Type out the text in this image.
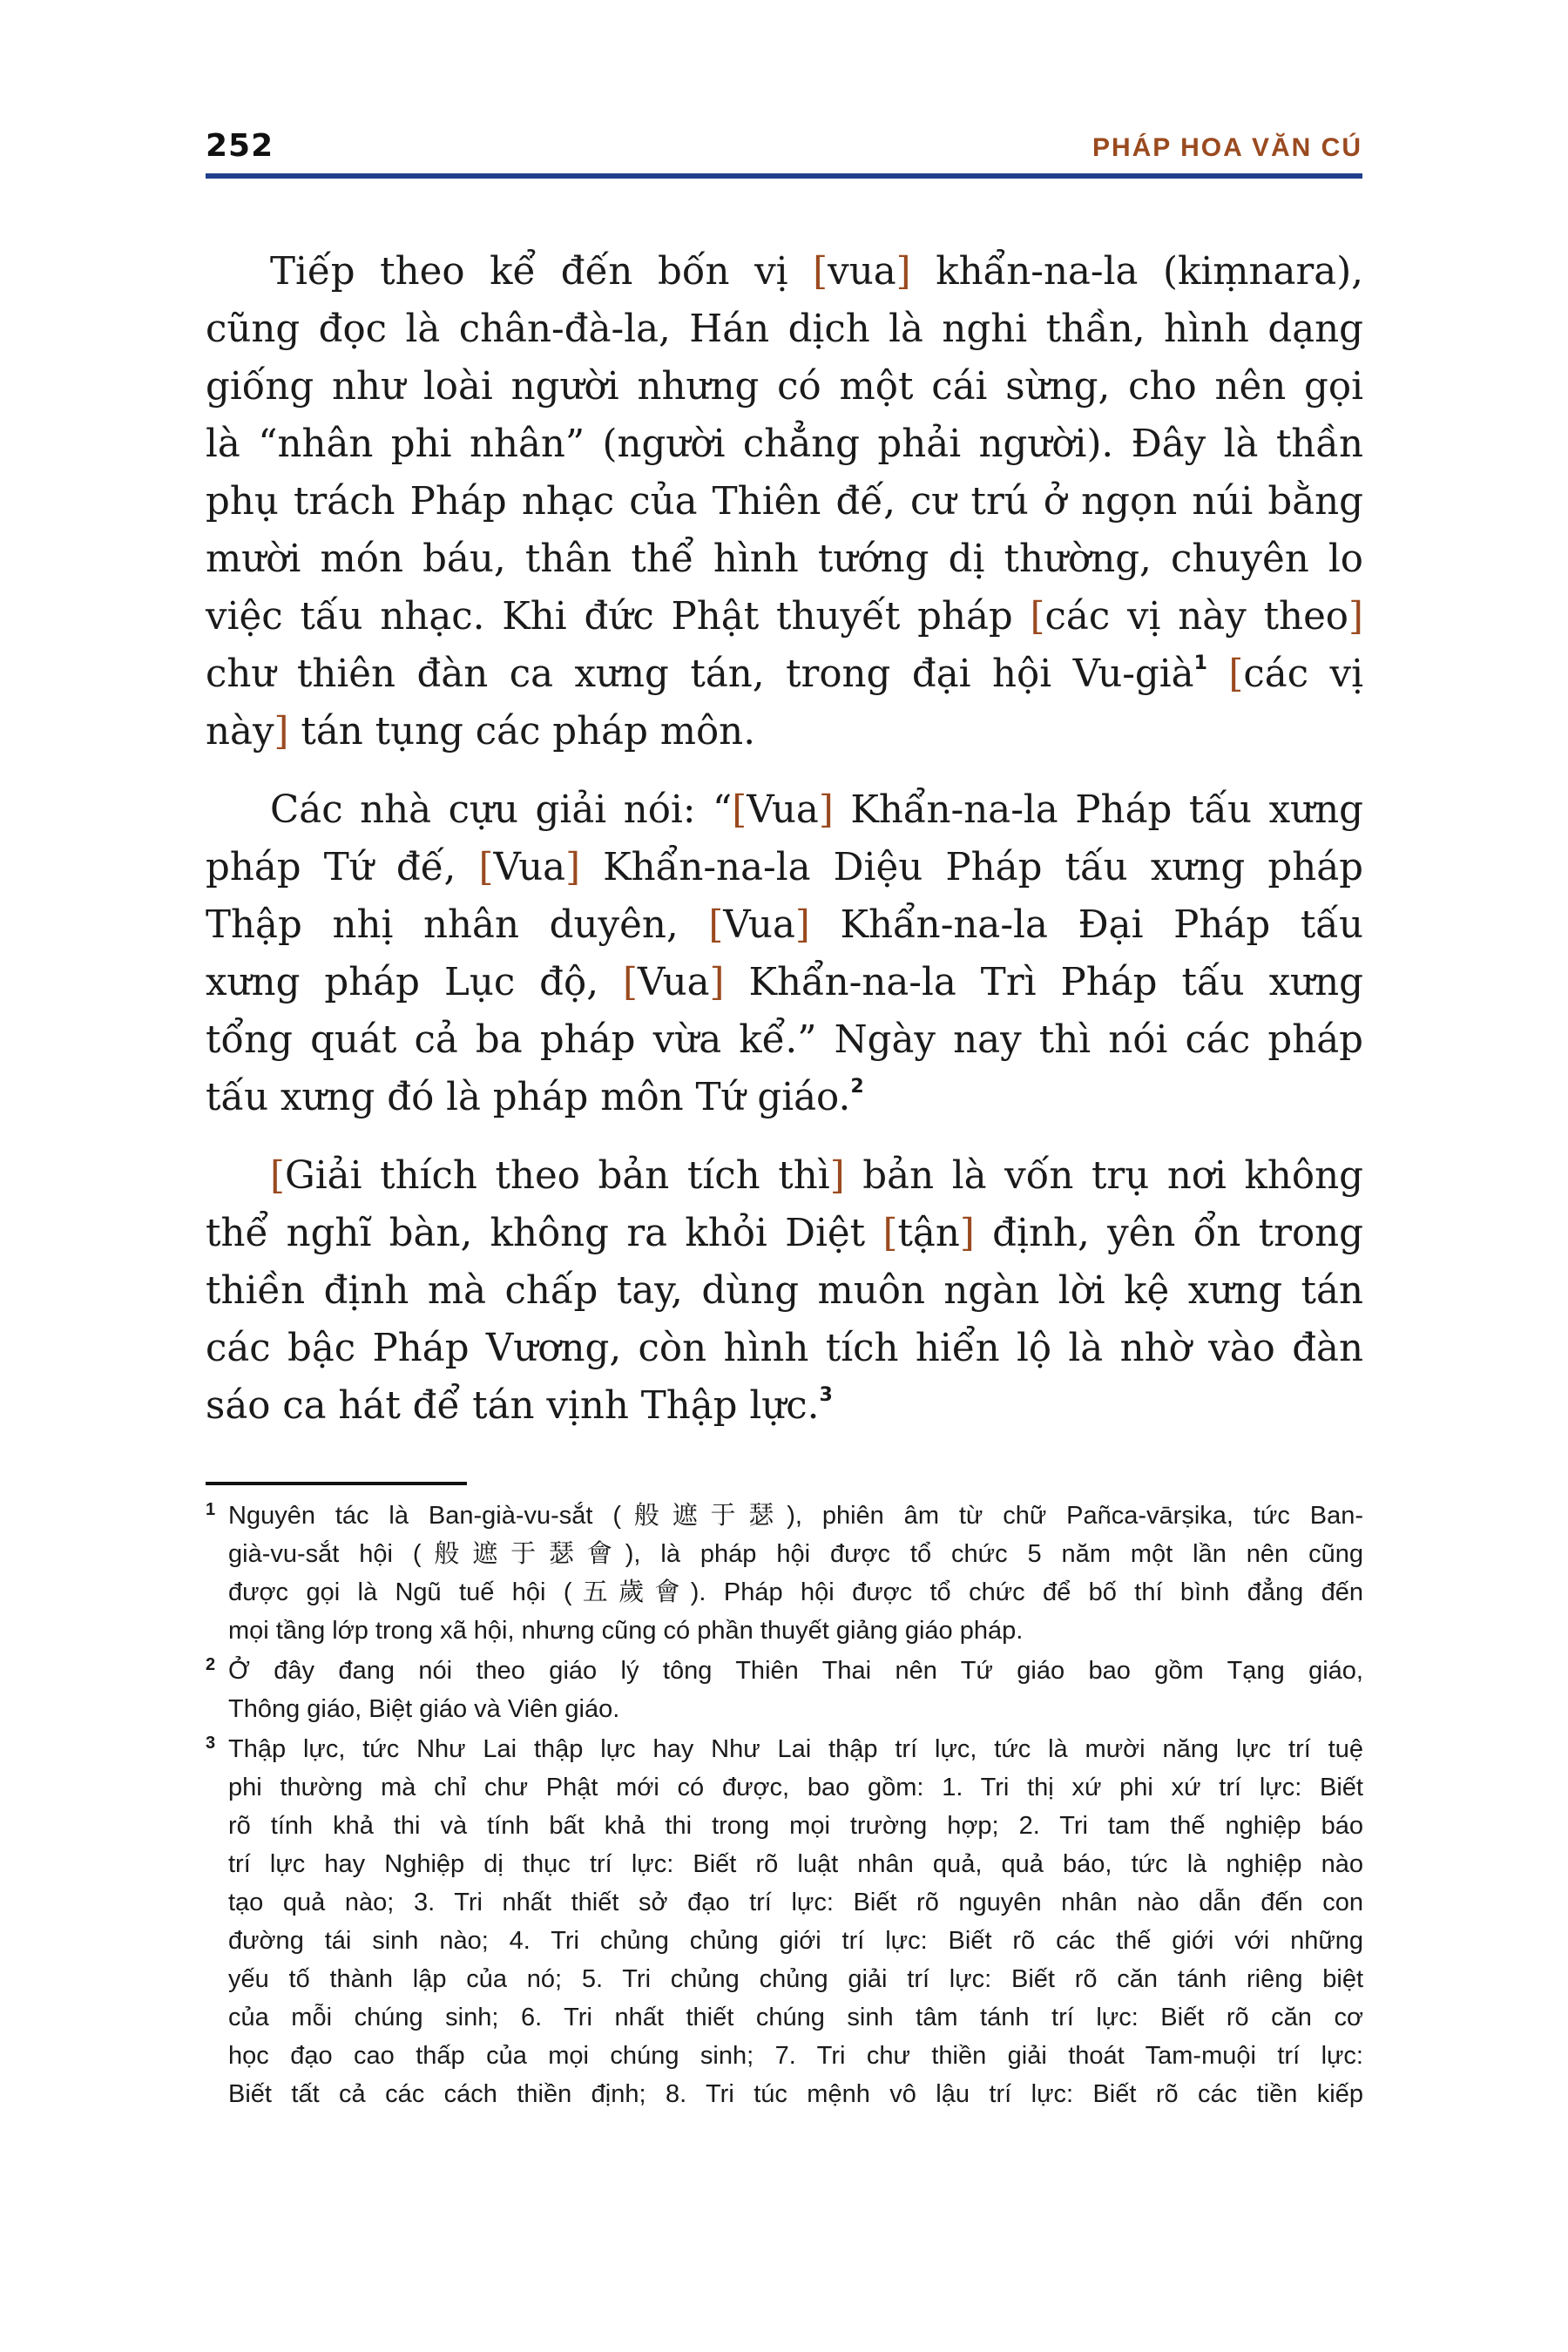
252	PHÁP HOA VĂN CÚ
Tiếp theo kể đến bốn vị [vua] khẩn-na-la (kiṃnara),
cũng đọc là chân-đà-la, Hán dịch là nghi thần, hình dạng
giống như loài người nhưng có một cái sừng, cho nên gọi
là “nhân phi nhân” (người chẳng phải người). Đây là thần
phụ trách Pháp nhạc của Thiên đế, cư trú ở ngọn núi bằng
mười món báu, thân thể hình tướng dị thường, chuyên lo
việc tấu nhạc. Khi đức Phật thuyết pháp [các vị này theo]
chư thiên đàn ca xưng tán, trong đại hội Vu-già$^1$ [các vị
này] tán tụng các pháp môn.
Các nhà cựu giải nói: “[Vua] Khẩn-na-la Pháp tấu xưng
pháp Tứ đế, [Vua] Khẩn-na-la Diệu Pháp tấu xưng pháp
Thập nhị nhân duyên, [Vua] Khẩn-na-la Đại Pháp tấu
xưng pháp Lục độ, [Vua] Khẩn-na-la Trì Pháp tấu xưng
tổng quát cả ba pháp vừa kể.” Ngày nay thì nói các pháp
tấu xưng đó là pháp môn Tứ giáo.$^2$
[Giải thích theo bản tích thì] bản là vốn trụ nơi không
thể nghĩ bàn, không ra khỏi Diệt [tận] định, yên ổn trong
thiền định mà chấp tay, dùng muôn ngàn lời kệ xưng tán
các bậc Pháp Vương, còn hình tích hiển lộ là nhờ vào đàn
sáo ca hát để tán vịnh Thập lực.$^3$
1 Nguyên tác là Ban-già-vu-sắt (般遮于瑟), phiên âm từ chữ Pañca-vārṣika, tức Ban-
già-vu-sắt hội (般遮于瑟會), là pháp hội được tổ chức 5 năm một lần nên cũng
được gọi là Ngũ tuế hội (五歲會). Pháp hội được tổ chức để bố thí bình đẳng đến
mọi tầng lớp trong xã hội, nhưng cũng có phần thuyết giảng giáo pháp.
2 Ở đây đang nói theo giáo lý tông Thiên Thai nên Tứ giáo bao gồm Tạng giáo,
Thông giáo, Biệt giáo và Viên giáo.
3 Thập lực, tức Như Lai thập lực hay Như Lai thập trí lực, tức là mười năng lực trí tuệ
phi thường mà chỉ chư Phật mới có được, bao gồm: 1. Tri thị xứ phi xứ trí lực: Biết
rõ tính khả thi và tính bất khả thi trong mọi trường hợp; 2. Tri tam thế nghiệp báo
trí lực hay Nghiệp dị thục trí lực: Biết rõ luật nhân quả, quả báo, tức là nghiệp nào
tạo quả nào; 3. Tri nhất thiết sở đạo trí lực: Biết rõ nguyên nhân nào dẫn đến con
đường tái sinh nào; 4. Tri chủng chủng giới trí lực: Biết rõ các thế giới với những
yếu tố thành lập của nó; 5. Tri chủng chủng giải trí lực: Biết rõ căn tánh riêng biệt
của mỗi chúng sinh; 6. Tri nhất thiết chúng sinh tâm tánh trí lực: Biết rõ căn cơ
học đạo cao thấp của mọi chúng sinh; 7. Tri chư thiền giải thoát Tam-muội trí lực:
Biết tất cả các cách thiền định; 8. Tri túc mệnh vô lậu trí lực: Biết rõ các tiền kiếp
